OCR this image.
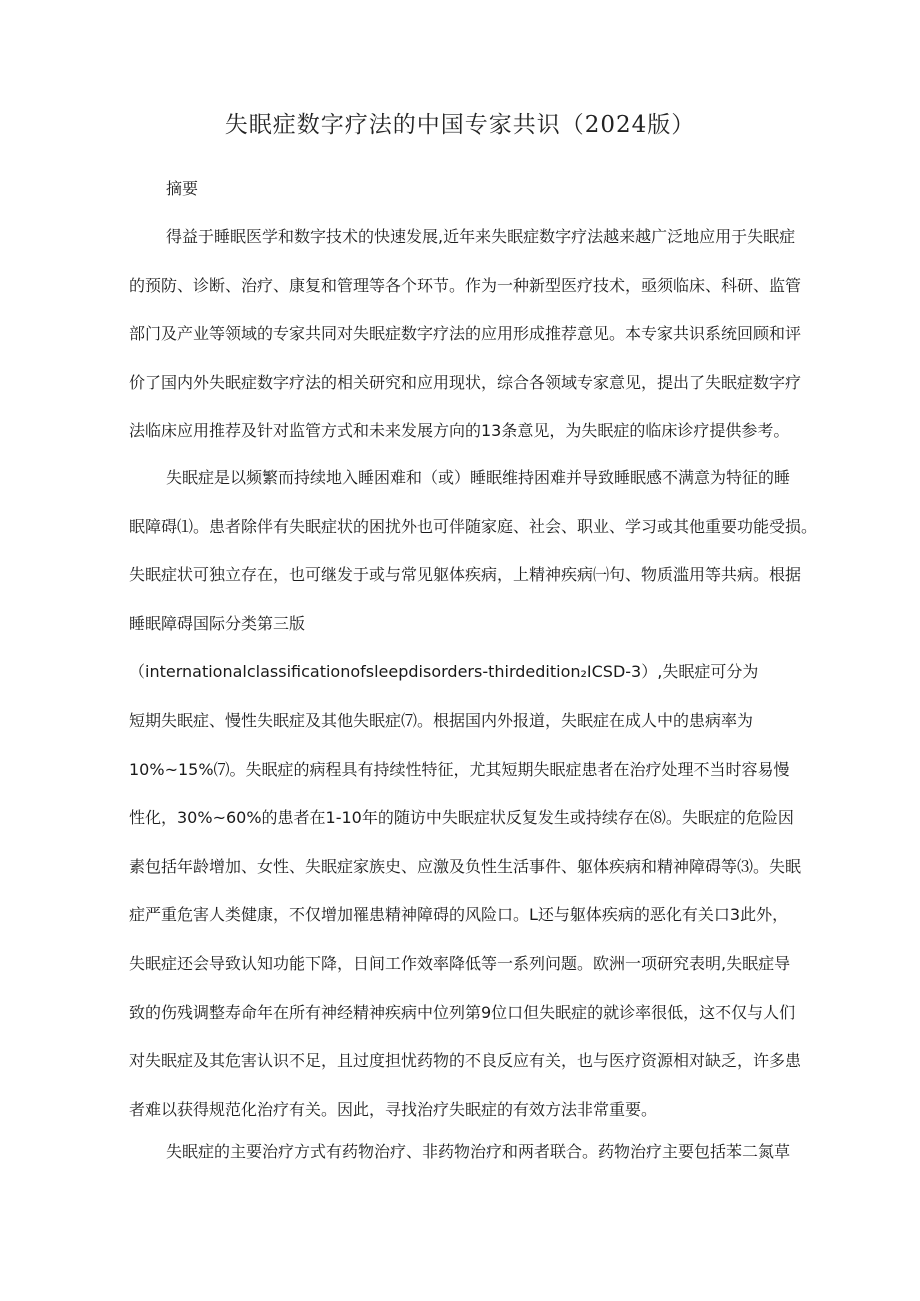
失眠症数字疗法的中国专家共识（2024版）
摘要
得益于睡眠医学和数字技术的快速发展,近年来失眠症数字疗法越来越广泛地应用于失眠症
的预防、诊断、治疗、康复和管理等各个环节。作为一种新型医疗技术，亟须临床、科研、监管
部门及产业等领域的专家共同对失眠症数字疗法的应用形成推荐意见。本专家共识系统回顾和评
价了国内外失眠症数字疗法的相关研究和应用现状，综合各领域专家意见，提出了失眠症数字疗
法临床应用推荐及针对监管方式和未来发展方向的13条意见，为失眠症的临床诊疗提供参考。
失眠症是以频繁而持续地入睡困难和（或）睡眠维持困难并导致睡眠感不满意为特征的睡
眠障碍⑴。患者除伴有失眠症状的困扰外也可伴随家庭、社会、职业、学习或其他重要功能受损。
失眠症状可独立存在，也可继发于或与常见躯体疾病，上精神疾病㈠句、物质滥用等共病。根据
睡眠障碍国际分类第三版
（internationalclassificationofsleepdisorders-thirdedition₂ICSD-3）,失眠症可分为
短期失眠症、慢性失眠症及其他失眠症⑺。根据国内外报道，失眠症在成人中的患病率为
10%~15%⑺。失眠症的病程具有持续性特征，尤其短期失眠症患者在治疗处理不当时容易慢
性化，30%~60%的患者在1-10年的随访中失眠症状反复发生或持续存在⑻。失眠症的危险因
素包括年龄增加、女性、失眠症家族史、应激及负性生活事件、躯体疾病和精神障碍等⑶。失眠
症严重危害人类健康，不仅增加罹患精神障碍的风险口。L还与躯体疾病的恶化有关口3此外，
失眠症还会导致认知功能下降，日间工作效率降低等一系列问题。欧洲一项研究表明,失眠症导
致的伤残调整寿命年在所有神经精神疾病中位列第9位口但失眠症的就诊率很低，这不仅与人们
对失眠症及其危害认识不足，且过度担忧药物的不良反应有关，也与医疗资源相对缺乏，许多患
者难以获得规范化治疗有关。因此，寻找治疗失眠症的有效方法非常重要。
失眠症的主要治疗方式有药物治疗、非药物治疗和两者联合。药物治疗主要包括苯二氮草
